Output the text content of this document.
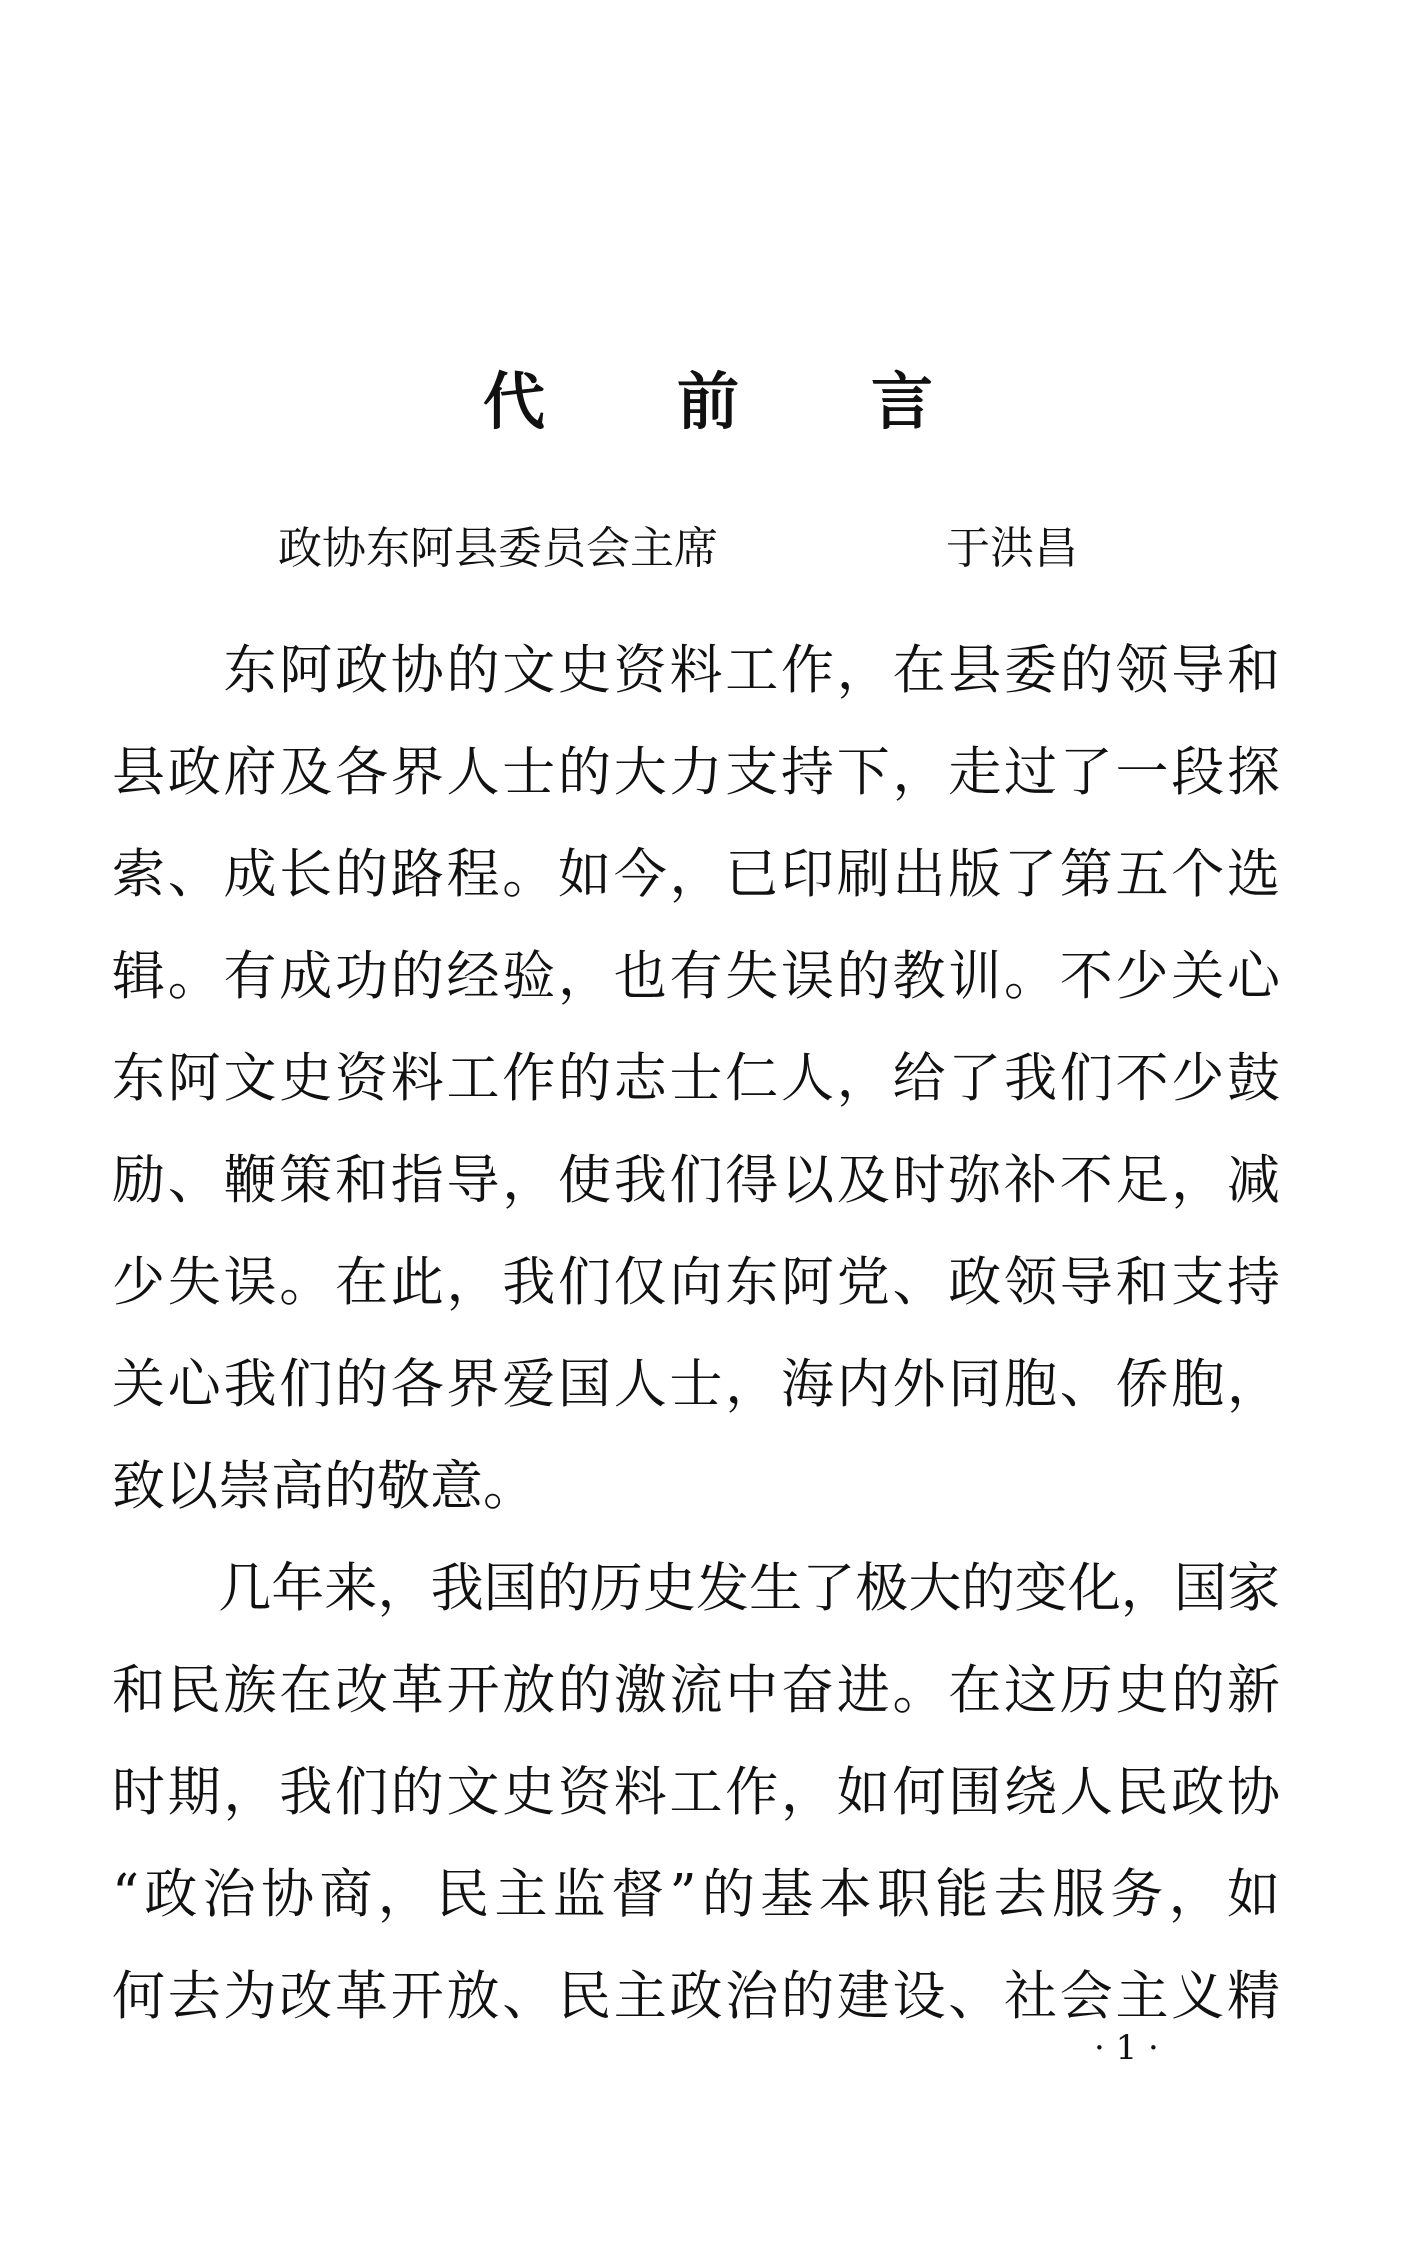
代 前 言
政协东阿县委员会主席	于洪昌
　　东阿政协的文史资料工作，在县委的领导和
县政府及各界人士的大力支持下，走过了一段探
索、成长的路程。如今，已印刷出版了第五个选
辑。有成功的经验，也有失误的教训。不少关心
东阿文史资料工作的志士仁人，给了我们不少鼓
励、鞭策和指导，使我们得以及时弥补不足，减
少失误。在此，我们仅向东阿党、政领导和支持
关心我们的各界爱国人士，海内外同胞、侨胞，
致以崇高的敬意。
　　几年来，我国的历史发生了极大的变化，国家
和民族在改革开放的激流中奋进。在这历史的新
时期，我们的文史资料工作，如何围绕人民政协
“政治协商，民主监督”的基本职能去服务，如
何去为改革开放、民主政治的建设、社会主义精
· 1 ·
